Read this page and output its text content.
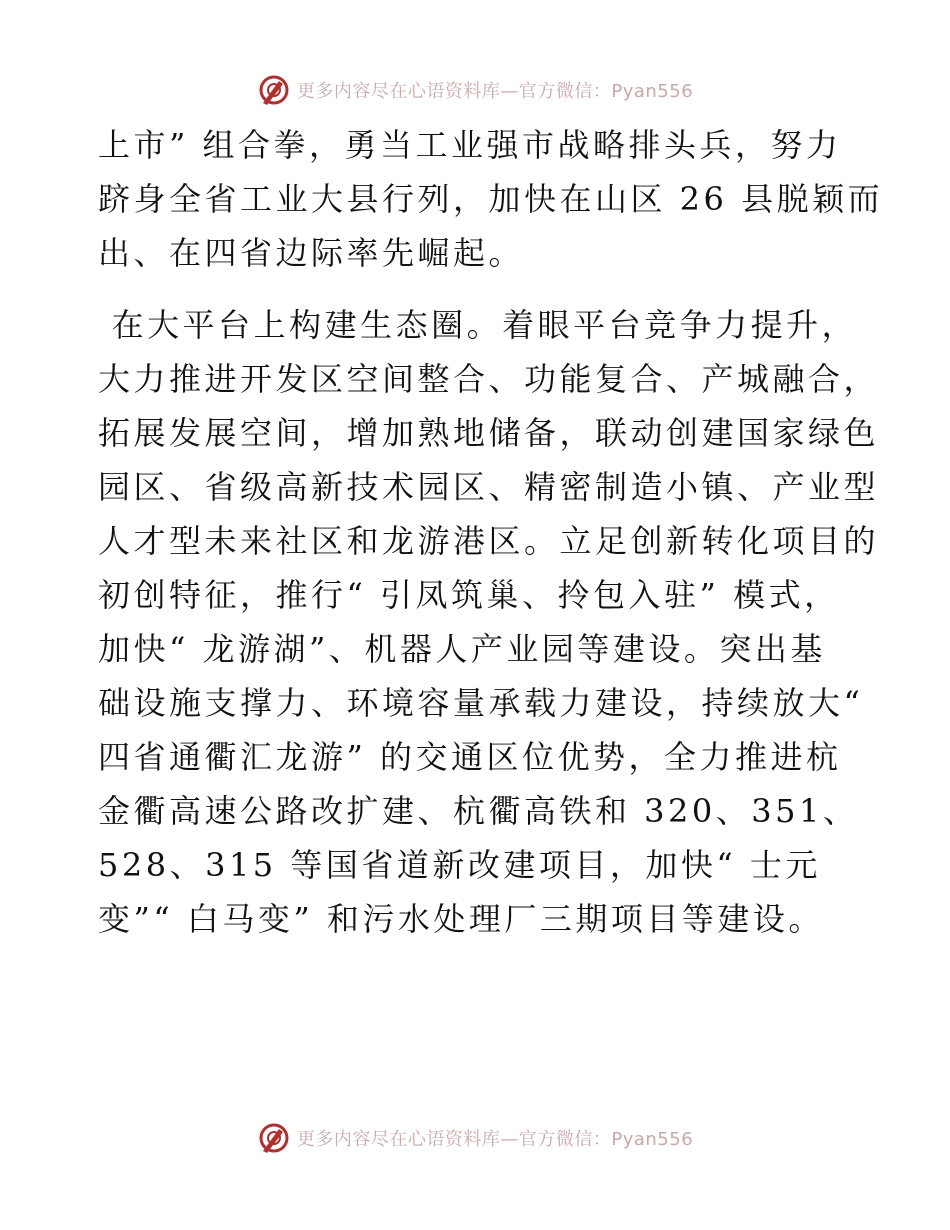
更多内容尽在心语资料库—官方微信：Pyan556
上市” 组合拳，勇当工业强市战略排头兵，努力
跻身全省工业大县行列，加快在山区 26 县脱颖而
出、在四省边际率先崛起。
在大平台上构建生态圈。着眼平台竞争力提升，
大力推进开发区空间整合、功能复合、产城融合，
拓展发展空间，增加熟地储备，联动创建国家绿色
园区、省级高新技术园区、精密制造小镇、产业型
人才型未来社区和龙游港区。立足创新转化项目的
初创特征，推行“ 引凤筑巢、拎包入驻” 模式，
加快“ 龙游湖”、机器人产业园等建设。突出基
础设施支撑力、环境容量承载力建设，持续放大“
四省通衢汇龙游” 的交通区位优势，全力推进杭
金衢高速公路改扩建、杭衢高铁和 320、351、
528、315 等国省道新改建项目，加快“ 士元
变”“ 白马变” 和污水处理厂三期项目等建设。
更多内容尽在心语资料库—官方微信：Pyan556
